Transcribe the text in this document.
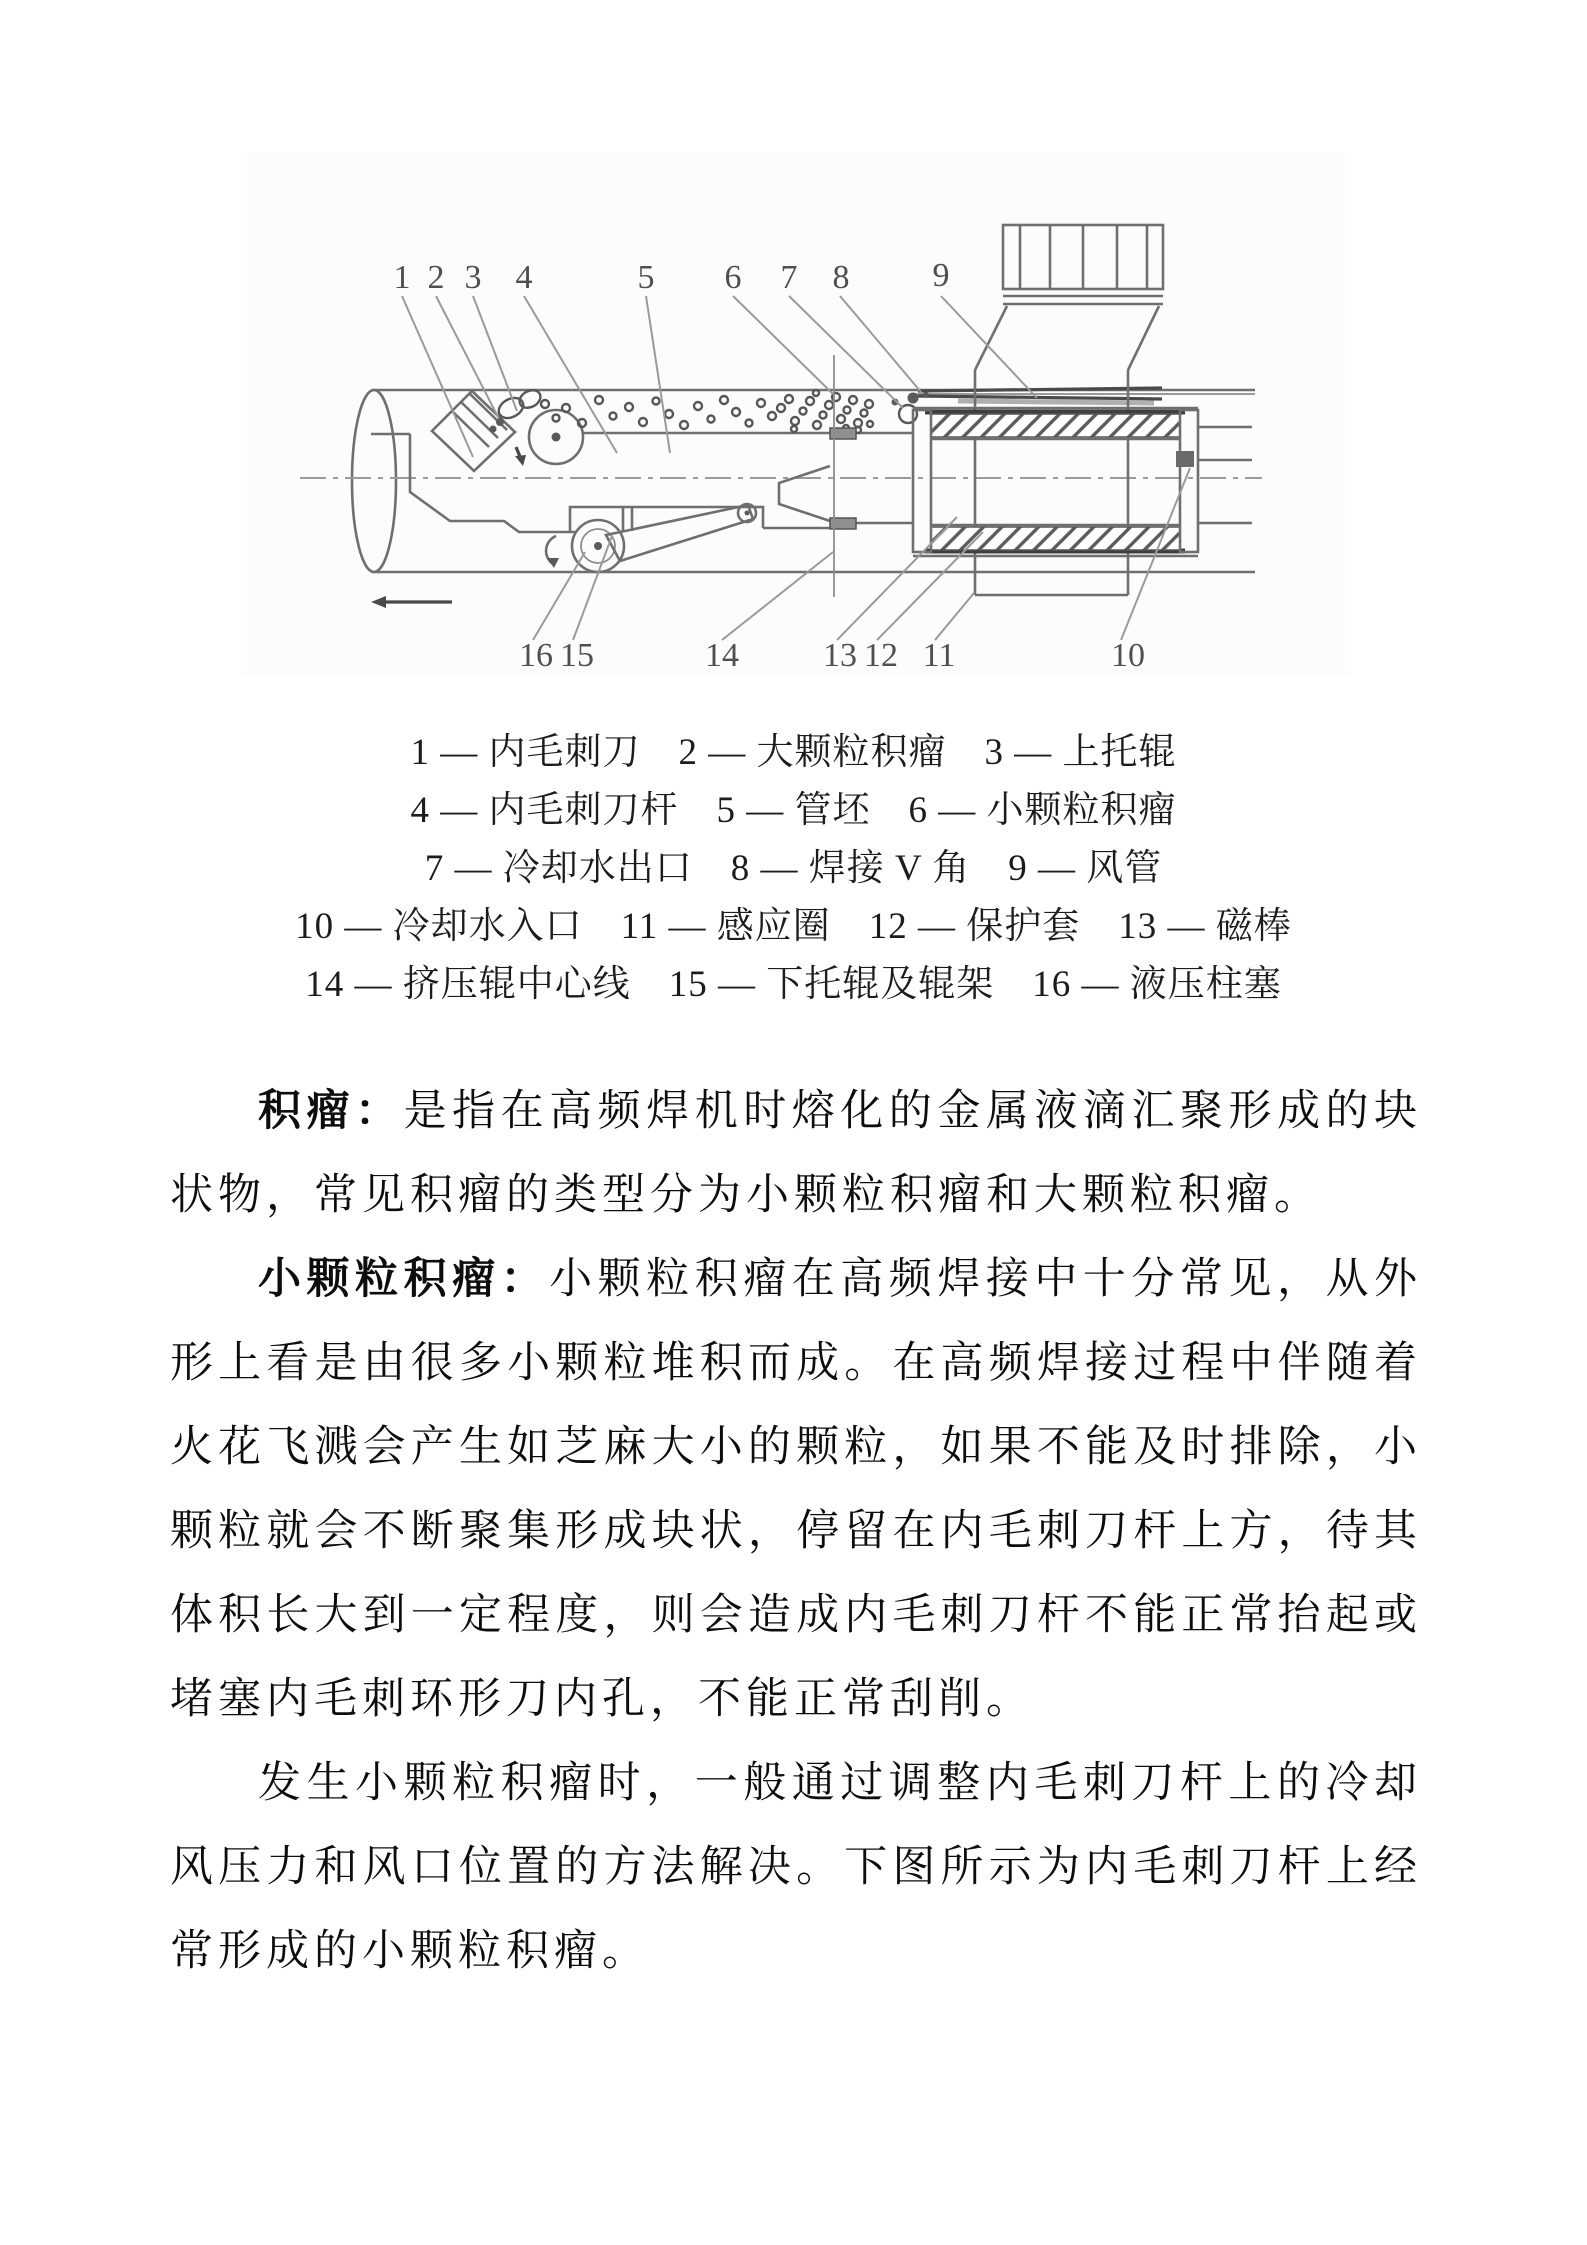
1 2 3 4	5 6 7 8 9
10
11
12
13
14
15
16
1 — 内毛刺刀　2 — 大颗粒积瘤　3 — 上托辊
4 — 内毛刺刀杆　5 — 管坯　6 — 小颗粒积瘤
7 — 冷却水出口　8 — 焊接 V 角　9 — 风管
10 — 冷却水入口　11 — 感应圈　12 — 保护套　13 — 磁棒
14 — 挤压辊中心线　15 — 下托辊及辊架　16 — 液压柱塞

积瘤：是指在高频焊机时熔化的金属液滴汇聚形成的块状物，常见积瘤的类型分为小颗粒积瘤和大颗粒积瘤。

小颗粒积瘤：小颗粒积瘤在高频焊接中十分常见，从外形上看是由很多小颗粒堆积而成。在高频焊接过程中伴随着火花飞溅会产生如芝麻大小的颗粒，如果不能及时排除，小颗粒就会不断聚集形成块状，停留在内毛刺刀杆上方，待其体积长大到一定程度，则会造成内毛刺刀杆不能正常抬起或堵塞内毛刺环形刀内孔，不能正常刮削。

发生小颗粒积瘤时，一般通过调整内毛刺刀杆上的冷却风压力和风口位置的方法解决。下图所示为内毛刺刀杆上经常形成的小颗粒积瘤。
